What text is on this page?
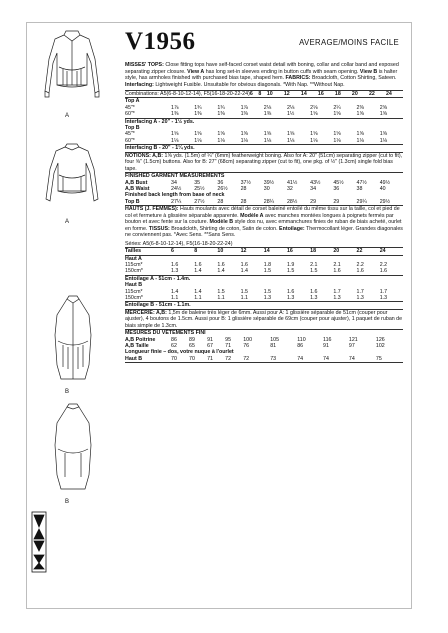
A
A
B
B
V1956	AVERAGE/MOINS FACILE

MISSES' TOPS: Close fitting tops have self-faced corset waist detail with boning, collar and collar band and exposed separating zipper closure. View A has long set-in sleeves ending in button cuffs with seam opening. View B is halter style, has armholes finished with purchased bias tape, shaped hem. FABRICS: Broadcloth, Cotton Shirting, Sateen. Interfacing: Lightweight Fusible. Unsuitable for obvious diagonals. *With Nap. **Without Nap.

Combinations: A5(6-8-10-12-14), F5(16-18-20-22-24)	6	8	10	12	14	16	18	20	22	24
Top A										
45"*	1⅞	1¾	1¾	1⅞	2⅛	2⅛	2⅛	2¼	2⅜	2⅝
60"*	1⅜	1⅜	1⅜	1⅜	1⅜	1½	1⅝	1⅝	1⅝	1⅝
Interfacing A - 20" - 1½ yds.										
Top B										
45"*	1⅝	1⅝	1⅝	1⅝	1⅝	1⅝	1⅝	1⅝	1⅝	1⅝
60"*	1⅛	1⅛	1⅛	1⅛	1⅛	1⅛	1⅛	1⅛	1⅛	1⅛
Interfacing B - 20" - 1¼ yds.										

NOTIONS: A,B: 1⅝ yds. (1.5m) of ¼" (6mm) featherweight boning. Also for A: 20" (51cm) separating zipper (cut to fit), four ⅝" (1.5cm) buttons. Also for B: 27" (68cm) separating zipper (cut to fit), one pkg. of ½" (1.3cm) single fold bias tape.

FINISHED GARMENT MEASUREMENTS										
A,B Bust	34	35	36	37½	39½	41½	43½	45½	47½	49½
A,B Waist	24½	25½	26½	28	30	32	34	36	38	40
Finished back length from base of neck										
Top B	27¼	27½	28	28	28¼	28½	29	29	29¼	29½

HAUTS (J. FEMMES): Hauts moulants avec détail de corset baleiné entoilé du même tissu sur la taille, col et pied de col et fermeture à glissière séparable apparente. Modèle A avec manches montées longues à poignets fermés par bouton et avec fente sur la couture. Modèle B style dos nu, avec emmanchures finies de ruban de biais acheté, ourlet en forme. TISSUS: Broadcloth, Shirting de coton, Satin de coton. Entoilage: Thermocollant léger. Grandes diagonales ne conviennent pas. *Avec Sens. **Sans Sens.

Séries: A5(6-8-10-12-14), F5(16-18-20-22-24)										
Tailles	6	8	10	12	14	16	18	20	22	24
Haut A										
115cm*	1.6	1.6	1.6	1.6	1.8	1.9	2.1	2.1	2.2	2.2
150cm*	1.3	1.4	1.4	1.4	1.5	1.5	1.5	1.6	1.6	1.6
Entoilage A - 51cm - 1.4m.										
Haut B										
115cm*	1.4	1.4	1.5	1.5	1.5	1.6	1.6	1.7	1.7	1.7
150cm*	1.1	1.1	1.1	1.1	1.3	1.3	1.3	1.3	1.3	1.3
Entoilage B - 51cm - 1.1m.										

MERCERIE: A,B: 1,5m de baleine très léger de 6mm. Aussi pour A: 1 glissière séparable de 51cm (couper pour ajuster), 4 boutons de 1.5cm. Aussi pour B: 1 glissière séparable de 69cm (couper pour ajuster), 1 paquet de ruban de biais simple de 1.3cm.

MESURES DU VÊTEMENTS FINI										
A,B Poitrine	86	89	91	95	100	105	110	116	121	126
A,B Taille	62	65	67	71	76	81	86	91	97	102
Longueur finie – dos, votre nuque à l'ourlet										
Haut B	70	70	71	72	72	73	74	74	74	75
